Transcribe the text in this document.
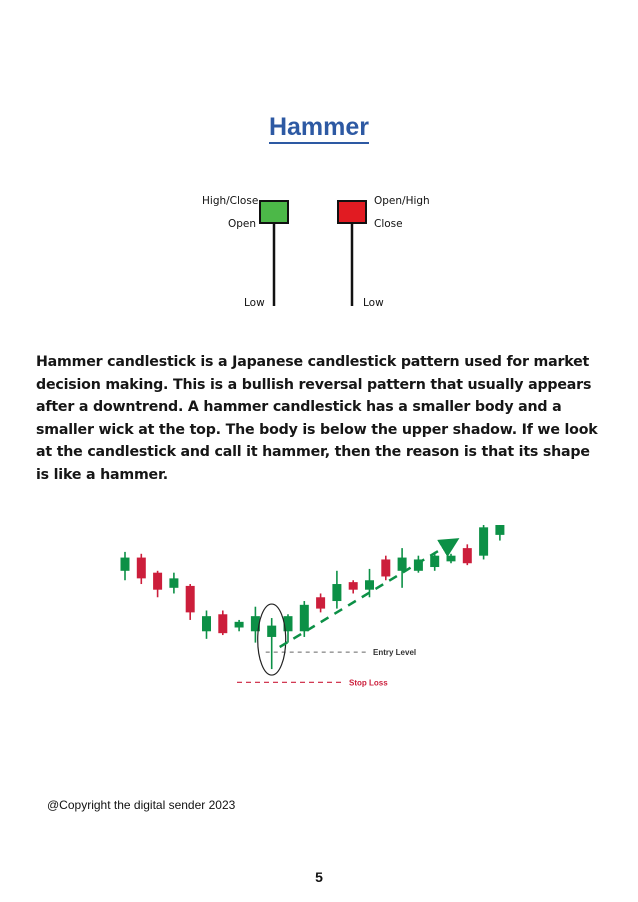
Hammer
High/Close
Open
Low
Open/High
Close
Low
Hammer candlestick is a Japanese candlestick pattern used for market decision making. This is a bullish reversal pattern that usually appears after a downtrend. A hammer candlestick has a smaller body and a smaller wick at the top. The body is below the upper shadow. If we look at the candlestick and call it hammer, then the reason is that its shape is like a hammer.
Entry Level
Stop Loss
@Copyright the digital sender 2023
5
